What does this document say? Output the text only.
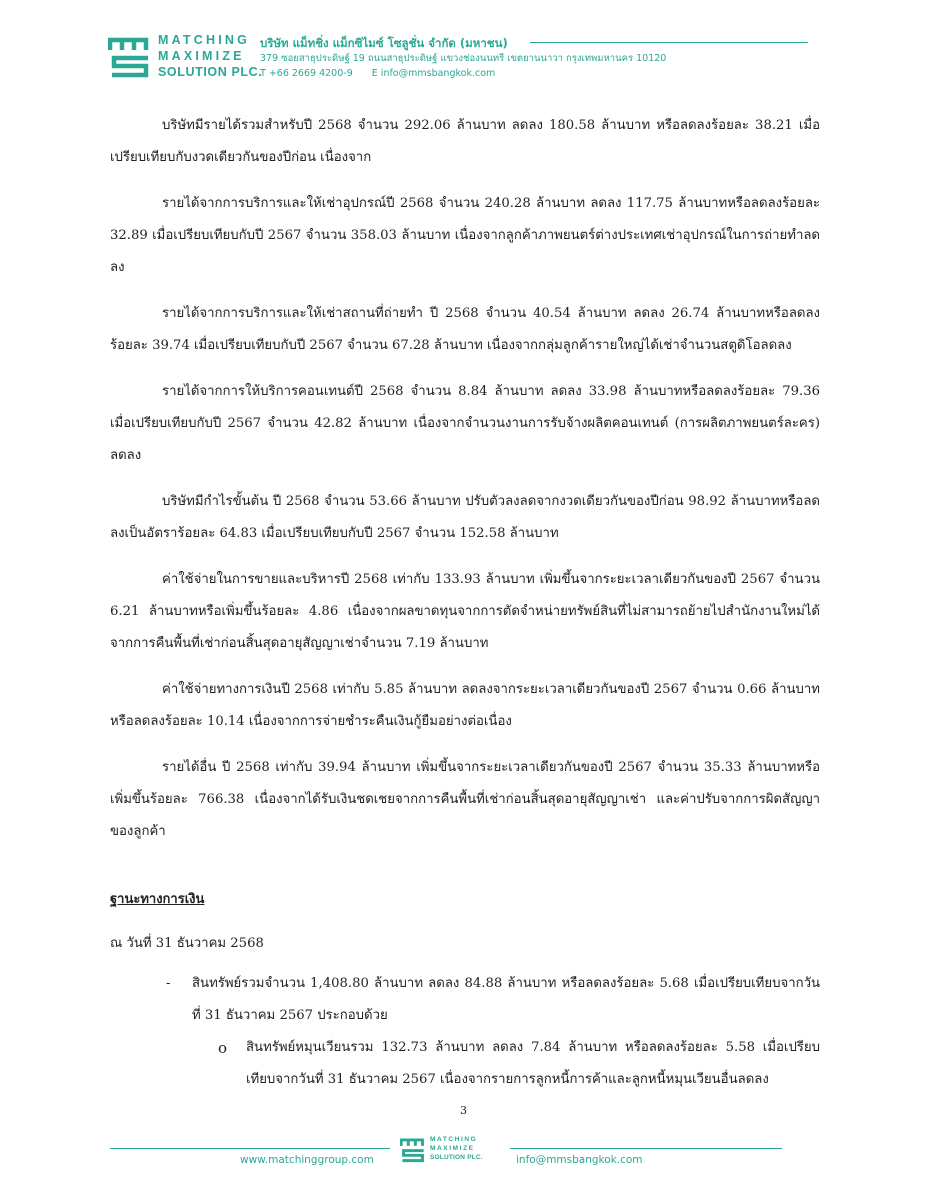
MATCHING
MAXIMIZE
SOLUTION PLC.
บริษัท แม็ทชิ่ง แม็กซิไมซ์ โซลูชั่น จำกัด (มหาชน)
379 ซอยสาธุประดิษฐ์ 19 ถนนสาธุประดิษฐ์ แขวงช่องนนทรี เขตยานนาวา กรุงเทพมหานคร 10120
T +66 2669 4200-9 E info@mmsbangkok.com

บริษัทมีรายได้รวมสำหรับปี 2568 จำนวน 292.06 ล้านบาท ลดลง 180.58 ล้านบาท หรือลดลงร้อยละ 38.21 เมื่อเปรียบเทียบกับงวดเดียวกันของปีก่อน เนื่องจาก

รายได้จากการบริการและให้เช่าอุปกรณ์ปี 2568 จำนวน 240.28 ล้านบาท ลดลง 117.75 ล้านบาทหรือลดลงร้อยละ 32.89 เมื่อเปรียบเทียบกับปี 2567 จำนวน 358.03 ล้านบาท เนื่องจากลูกค้าภาพยนตร์ต่างประเทศเช่าอุปกรณ์ในการถ่ายทำลดลง

รายได้จากการบริการและให้เช่าสถานที่ถ่ายทำ ปี 2568 จำนวน 40.54 ล้านบาท ลดลง 26.74 ล้านบาทหรือลดลงร้อยละ 39.74 เมื่อเปรียบเทียบกับปี 2567 จำนวน 67.28 ล้านบาท เนื่องจากกลุ่มลูกค้ารายใหญ่ได้เช่าจำนวนสตูดิโอลดลง

รายได้จากการให้บริการคอนเทนต์ปี 2568 จำนวน 8.84 ล้านบาท ลดลง 33.98 ล้านบาทหรือลดลงร้อยละ 79.36 เมื่อเปรียบเทียบกับปี 2567 จำนวน 42.82 ล้านบาท เนื่องจากจำนวนงานการรับจ้างผลิตคอนเทนต์ (การผลิตภาพยนตร์ละคร) ลดลง

บริษัทมีกำไรขั้นต้น ปี 2568 จำนวน 53.66 ล้านบาท ปรับตัวลงลดจากงวดเดียวกันของปีก่อน 98.92 ล้านบาทหรือลดลงเป็นอัตราร้อยละ 64.83 เมื่อเปรียบเทียบกับปี 2567 จำนวน 152.58 ล้านบาท

ค่าใช้จ่ายในการขายและบริหารปี 2568 เท่ากับ 133.93 ล้านบาท เพิ่มขึ้นจากระยะเวลาเดียวกันของปี 2567 จำนวน 6.21 ล้านบาทหรือเพิ่มขึ้นร้อยละ 4.86 เนื่องจากผลขาดทุนจากการตัดจำหน่ายทรัพย์สินที่ไม่สามารถย้ายไปสำนักงานใหม่ได้จากการคืนพื้นที่เช่าก่อนสิ้นสุดอายุสัญญาเช่าจำนวน 7.19 ล้านบาท

ค่าใช้จ่ายทางการเงินปี 2568 เท่ากับ 5.85 ล้านบาท ลดลงจากระยะเวลาเดียวกันของปี 2567 จำนวน 0.66 ล้านบาทหรือลดลงร้อยละ 10.14 เนื่องจากการจ่ายชำระคืนเงินกู้ยืมอย่างต่อเนื่อง

รายได้อื่น ปี 2568 เท่ากับ 39.94 ล้านบาท เพิ่มขึ้นจากระยะเวลาเดียวกันของปี 2567 จำนวน 35.33 ล้านบาทหรือเพิ่มขึ้นร้อยละ 766.38 เนื่องจากได้รับเงินชดเชยจากการคืนพื้นที่เช่าก่อนสิ้นสุดอายุสัญญาเช่า และค่าปรับจากการผิดสัญญาของลูกค้า

ฐานะทางการเงิน
ณ วันที่ 31 ธันวาคม 2568
- สินทรัพย์รวมจำนวน 1,408.80 ล้านบาท ลดลง 84.88 ล้านบาท หรือลดลงร้อยละ 5.68 เมื่อเปรียบเทียบจากวันที่ 31 ธันวาคม 2567 ประกอบด้วย
o สินทรัพย์หมุนเวียนรวม 132.73 ล้านบาท ลดลง 7.84 ล้านบาท หรือลดลงร้อยละ 5.58 เมื่อเปรียบเทียบจากวันที่ 31 ธันวาคม 2567 เนื่องจากรายการลูกหนี้การค้าและลูกหนี้หมุนเวียนอื่นลดลง
3
www.matchinggroup.com
MATCHING
MAXIMIZE
SOLUTION PLC.	info@mmsbangkok.com
